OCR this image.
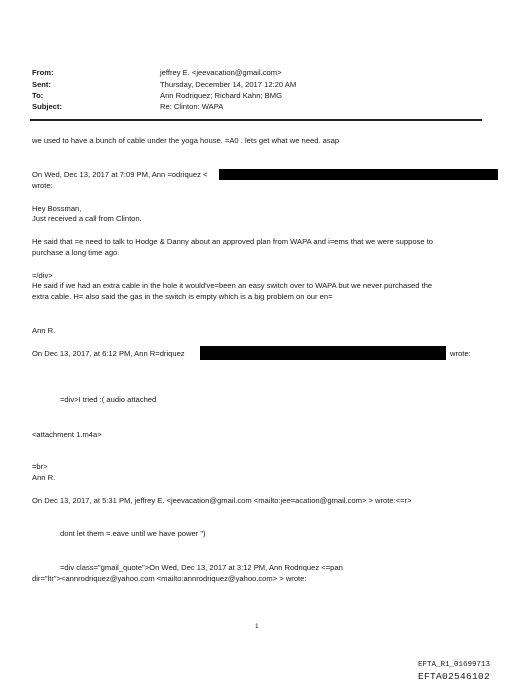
From:	jeffrey E. <jeevacation@gmail.com>
Sent:	Thursday, December 14, 2017 12:20 AM
To:	Ann Rodriquez; Richard Kahn; BMG
Subject:	Re: Clinton: WAPA
we used to have a bunch of cable under the yoga house. =A0 . lets get what we need. asap
On Wed, Dec 13, 2017 at 7:09 PM, Ann =odriquez <
wrote:
Hey Bossman,
Just received a call from Clinton.
He said that =e need to talk to Hodge & Danny about an approved plan from WAPA and i=ems that we were suppose to
purchase a long time ago.
=/div>
He said if we had an extra cable in the hole it would've=been an easy switch over to WAPA but we never purchased the
extra cable. H= also said the gas in the switch is empty which is a big problem on our en=
Ann R.
On Dec 13, 2017, at 6:12 PM, Ann R=driquez	wrote:
=div>I tried :( audio attached
<attachment 1.m4a>
=br>
Ann R.
On Dec 13, 2017, at 5:31 PM, jeffrey E. <jeevacation@gmail.com <mailto:jee=acation@gmail.com> > wrote:<=r>
dont let them =.eave until we have power ")
=div class="gmail_quote">On Wed, Dec 13, 2017 at 3:12 PM, Ann Rodriquez <=pan
dir="ltr"><annrodriquez@yahoo.com <mailto:annrodriquez@yahoo.com> > wrote:
1
EFTA_R1_01699713
EFTA02546102
